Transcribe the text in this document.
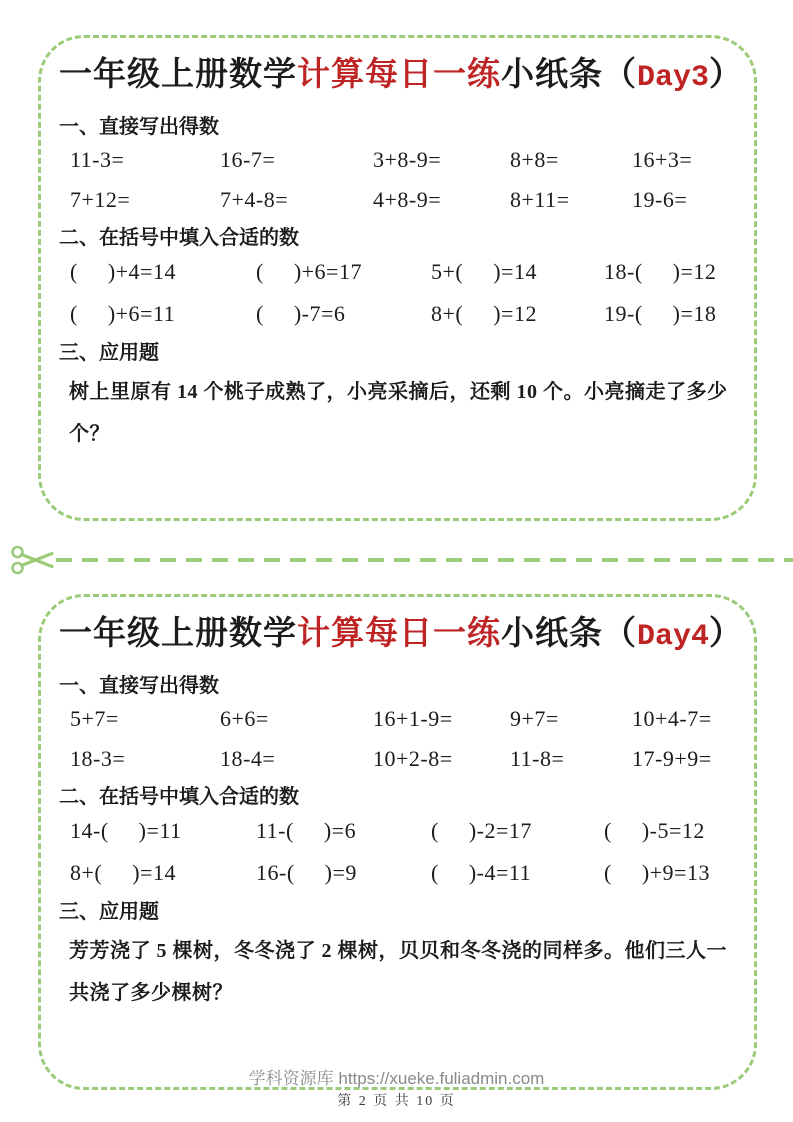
一年级上册数学计算每日一练小纸条（Day3）
一、直接写出得数
11-3=	16-7=	3+8-9=	8+8=	16+3=
7+12=	7+4-8=	4+8-9=	8+11=	19-6=
二、在括号中填入合适的数
(     )+4=14	(     )+6=17	5+(     )=14	18-(     )=12
(     )+6=11	(     )-7=6	8+(     )=12	19-(     )=18
三、应用题
树上里原有 14 个桃子成熟了，小亮采摘后，还剩 10 个。小亮摘走了多少个？
一年级上册数学计算每日一练小纸条（Day4）
一、直接写出得数
5+7=	6+6=	16+1-9=	9+7=	10+4-7=
18-3=	18-4=	10+2-8=	11-8=	17-9+9=
二、在括号中填入合适的数
14-(     )=11	11-(     )=6	(     )-2=17	(     )-5=12
8+(     )=14	16-(     )=9	(     )-4=11	(     )+9=13
三、应用题
芳芳浇了 5 棵树，冬冬浇了 2 棵树，贝贝和冬冬浇的同样多。他们三人一共浇了多少棵树？
学科资源库 https://xueke.fuliadmin.com
第 2 页 共 10 页
